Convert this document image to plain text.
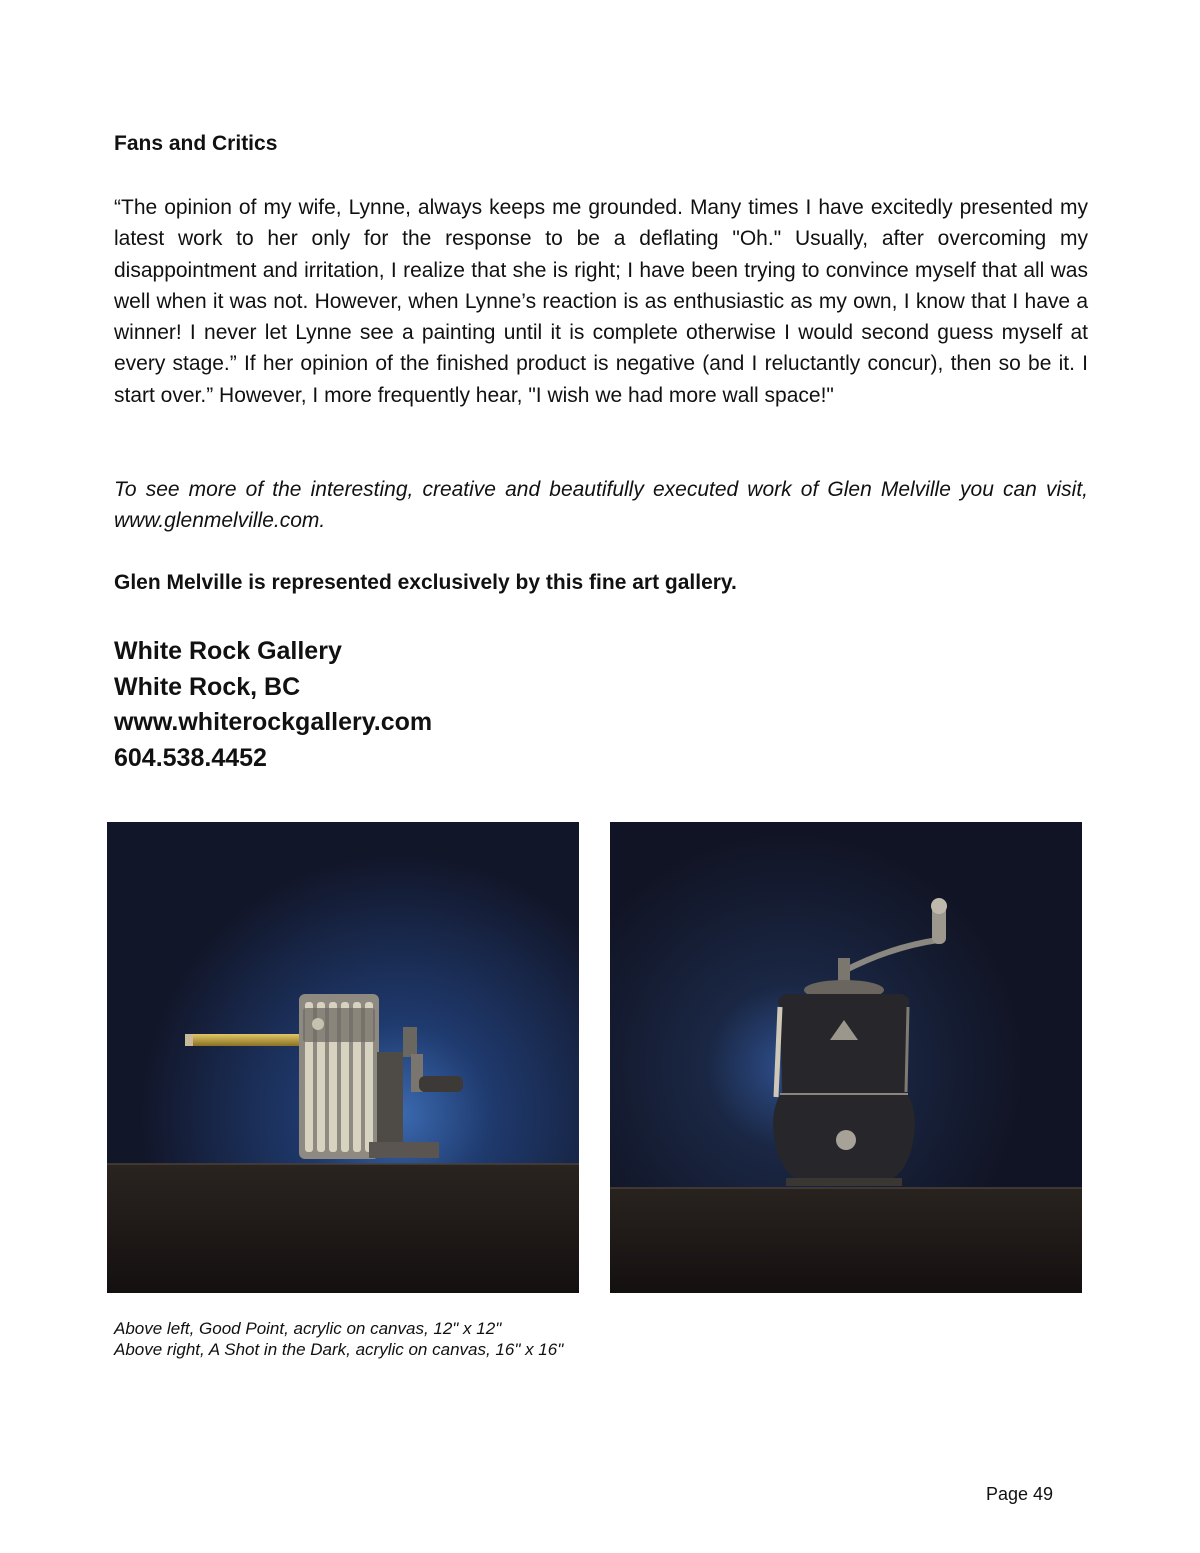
Fans and Critics

“The opinion of my wife, Lynne, always keeps me grounded. Many times I have excitedly presented my latest work to her only for the response to be a deflating "Oh." Usually, after overcoming my disappointment and irritation, I realize that she is right; I have been trying to convince myself that all was well when it was not. However, when Lynne’s reaction is as enthusiastic as my own, I know that I have a winner! I never let Lynne see a painting until it is complete otherwise I would second guess myself at every stage.” If her opinion of the finished product is negative (and I reluctantly concur), then so be it. I start over.” However, I more frequently hear, "I wish we had more wall space!"

To see more of the interesting, creative and beautifully executed work of Glen Melville you can visit, www.glenmelville.com.

Glen Melville is represented exclusively by this fine art gallery.

White Rock Gallery
White Rock, BC
www.whiterockgallery.com
604.538.4452
Above left, Good Point, acrylic on canvas, 12" x 12"
Above right, A Shot in the Dark, acrylic on canvas, 16" x 16"
Page 49
